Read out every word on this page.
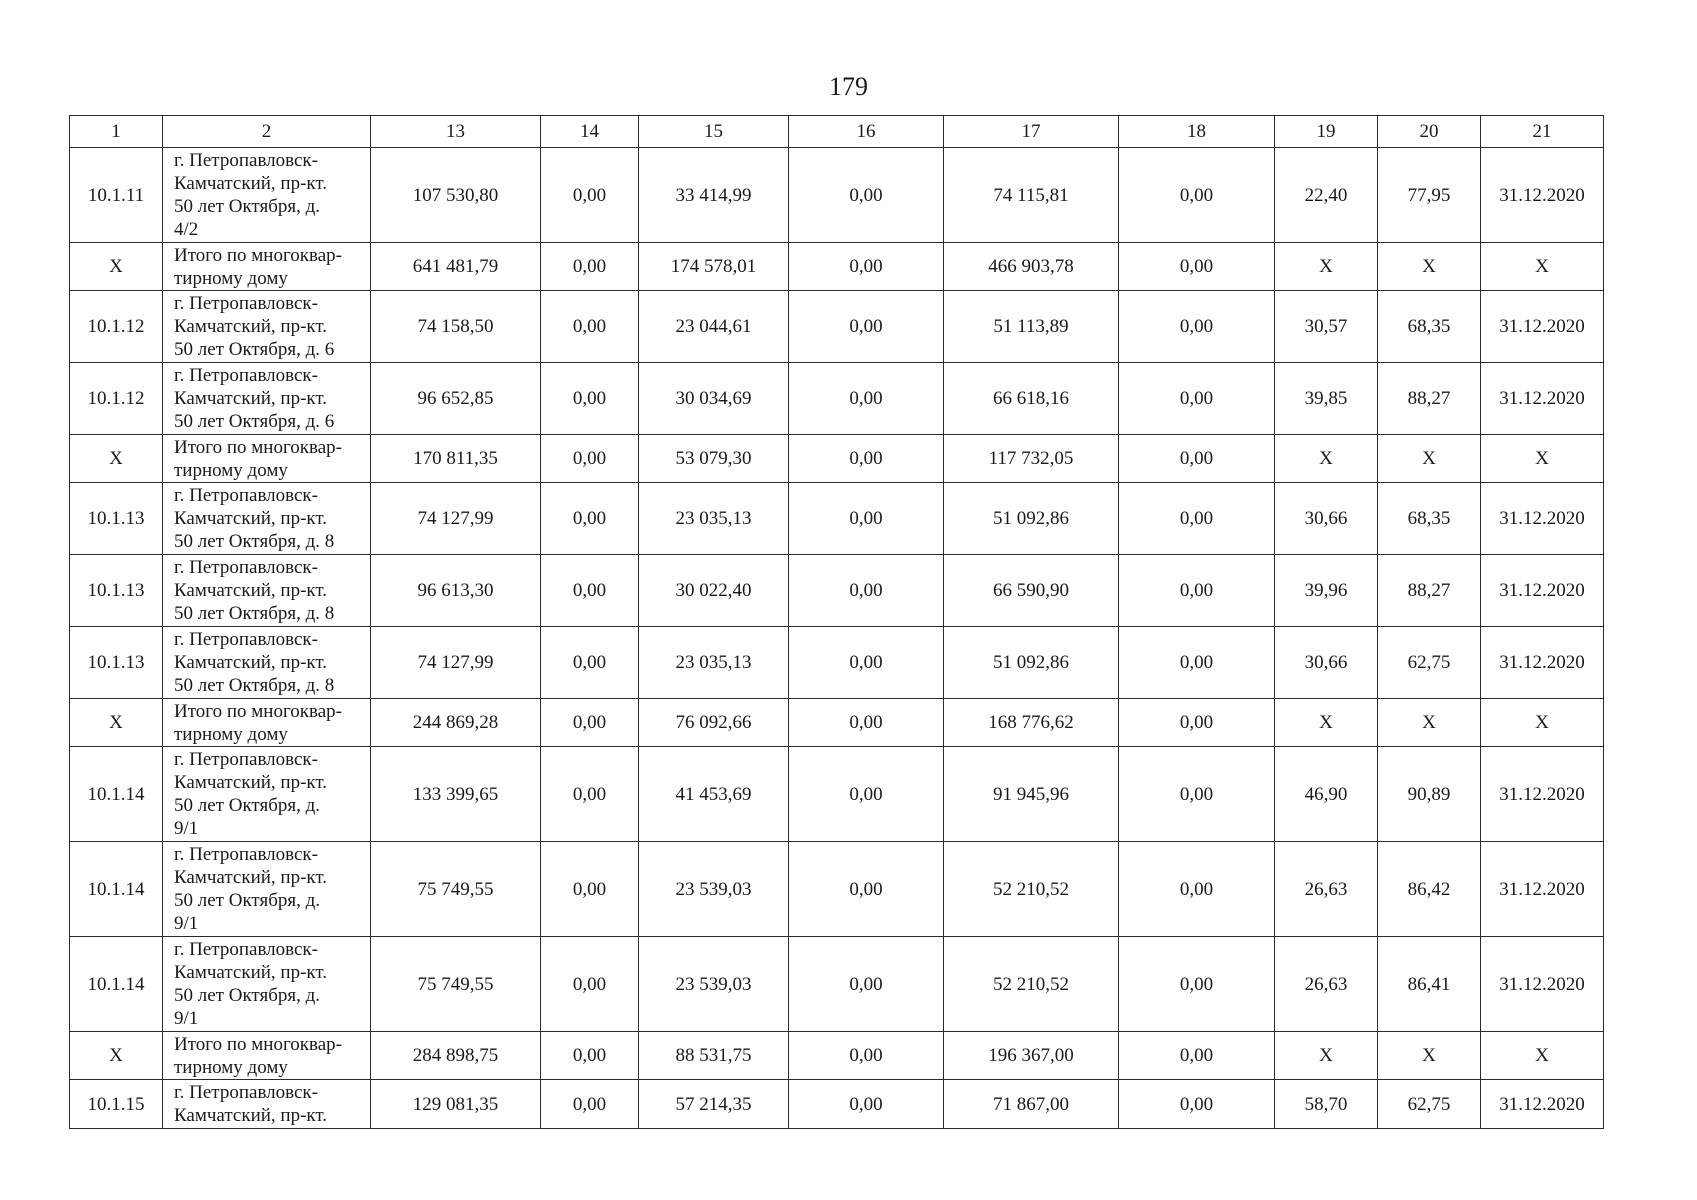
179
1	2	13	14	15	16	17	18	19	20	21
10.1.11	г. Петропавловск-
Камчатский, пр-кт.
50 лет Октября, д.
4/2	107 530,80	0,00	33 414,99	0,00	74 115,81	0,00	22,40	77,95	31.12.2020
X	Итого по многоквар-
тирному дому	641 481,79	0,00	174 578,01	0,00	466 903,78	0,00	X	X	X
10.1.12	г. Петропавловск-
Камчатский, пр-кт.
50 лет Октября, д. 6	74 158,50	0,00	23 044,61	0,00	51 113,89	0,00	30,57	68,35	31.12.2020
10.1.12	г. Петропавловск-
Камчатский, пр-кт.
50 лет Октября, д. 6	96 652,85	0,00	30 034,69	0,00	66 618,16	0,00	39,85	88,27	31.12.2020
X	Итого по многоквар-
тирному дому	170 811,35	0,00	53 079,30	0,00	117 732,05	0,00	X	X	X
10.1.13	г. Петропавловск-
Камчатский, пр-кт.
50 лет Октября, д. 8	74 127,99	0,00	23 035,13	0,00	51 092,86	0,00	30,66	68,35	31.12.2020
10.1.13	г. Петропавловск-
Камчатский, пр-кт.
50 лет Октября, д. 8	96 613,30	0,00	30 022,40	0,00	66 590,90	0,00	39,96	88,27	31.12.2020
10.1.13	г. Петропавловск-
Камчатский, пр-кт.
50 лет Октября, д. 8	74 127,99	0,00	23 035,13	0,00	51 092,86	0,00	30,66	62,75	31.12.2020
X	Итого по многоквар-
тирному дому	244 869,28	0,00	76 092,66	0,00	168 776,62	0,00	X	X	X
10.1.14	г. Петропавловск-
Камчатский, пр-кт.
50 лет Октября, д.
9/1	133 399,65	0,00	41 453,69	0,00	91 945,96	0,00	46,90	90,89	31.12.2020
10.1.14	г. Петропавловск-
Камчатский, пр-кт.
50 лет Октября, д.
9/1	75 749,55	0,00	23 539,03	0,00	52 210,52	0,00	26,63	86,42	31.12.2020
10.1.14	г. Петропавловск-
Камчатский, пр-кт.
50 лет Октября, д.
9/1	75 749,55	0,00	23 539,03	0,00	52 210,52	0,00	26,63	86,41	31.12.2020
X	Итого по многоквар-
тирному дому	284 898,75	0,00	88 531,75	0,00	196 367,00	0,00	X	X	X
10.1.15	г. Петропавловск-
Камчатский, пр-кт.	129 081,35	0,00	57 214,35	0,00	71 867,00	0,00	58,70	62,75	31.12.2020
